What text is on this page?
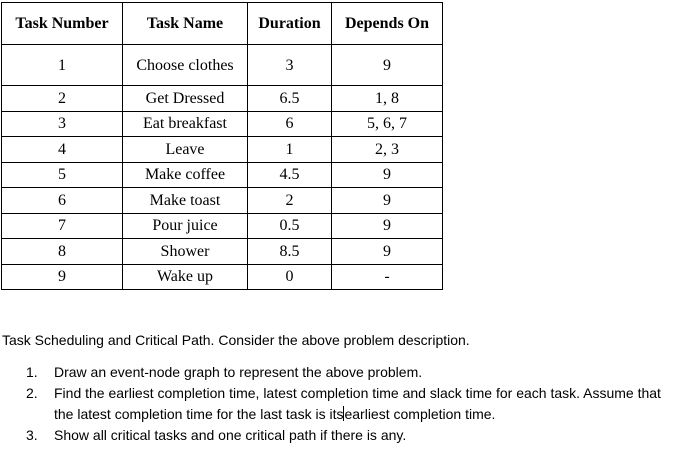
Task Number	Task Name	Duration	Depends On
1	Choose clothes	3	9
2	Get Dressed	6.5	1, 8
3	Eat breakfast	6	5, 6, 7
4	Leave	1	2, 3
5	Make coffee	4.5	9
6	Make toast	2	9
7	Pour juice	0.5	9
8	Shower	8.5	9
9	Wake up	0	-

Task Scheduling and Critical Path. Consider the above problem description.

1. Draw an event-node graph to represent the above problem.
2. Find the earliest completion time, latest completion time and slack time for each task. Assume that the latest completion time for the last task is itsearliest completion time.
3. Show all critical tasks and one critical path if there is any.
